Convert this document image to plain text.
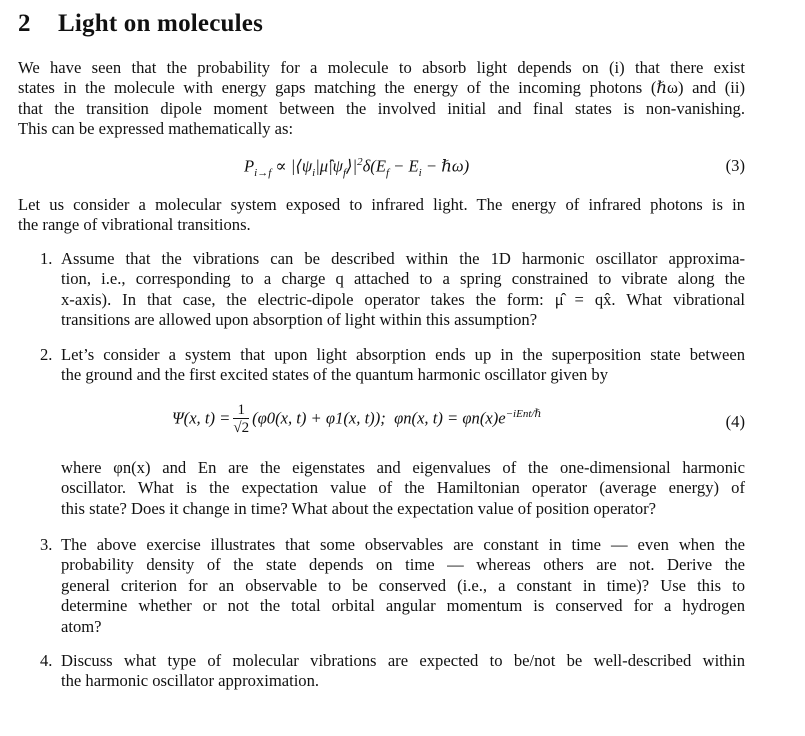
2 Light on molecules
We have seen that the probability for a molecule to absorb light depends on (i) that there exist
states in the molecule with energy gaps matching the energy of the incoming photons (ℏω) and (ii)
that the transition dipole moment between the involved initial and final states is non-vanishing.
This can be expressed mathematically as:
$P_{i\to f}$ ∝ $|⟨\psi_i|\mû|\psi_f⟩|^2\delta(E_f - E_i$ − ℏω)	(3)
Let us consider a molecular system exposed to infrared light. The energy of infrared photons is in
the range of vibrational transitions.
1. Assume that the vibrations can be described within the 1D harmonic oscillator approxima-
tion, i.e., corresponding to a charge q attached to a spring constrained to vibrate along the
x-axis). In that case, the electric-dipole operator takes the form: μ̂ = qx̂. What vibrational
transitions are allowed upon absorption of light within this assumption?
2. Let’s consider a system that upon light absorption ends up in the superposition state between
the ground and the first excited states of the quantum harmonic oscillator given by
Ψ(x, $t) = \frac{1}{√2} (\varphi 0(x$, t) + φ1(x, t));  φn(x, $t) = \varphi n(x)e^{-iEnt/\hbar}$	(4)
where φn(x) and En are the eigenstates and eigenvalues of the one-dimensional harmonic
oscillator. What is the expectation value of the Hamiltonian operator (average energy) of
this state? Does it change in time? What about the expectation value of position operator?
3. The above exercise illustrates that some observables are constant in time — even when the
probability density of the state depends on time — whereas others are not. Derive the
general criterion for an observable to be conserved (i.e., a constant in time)? Use this to
determine whether or not the total orbital angular momentum is conserved for a hydrogen
atom?
4. Discuss what type of molecular vibrations are expected to be/not be well-described within
the harmonic oscillator approximation.
